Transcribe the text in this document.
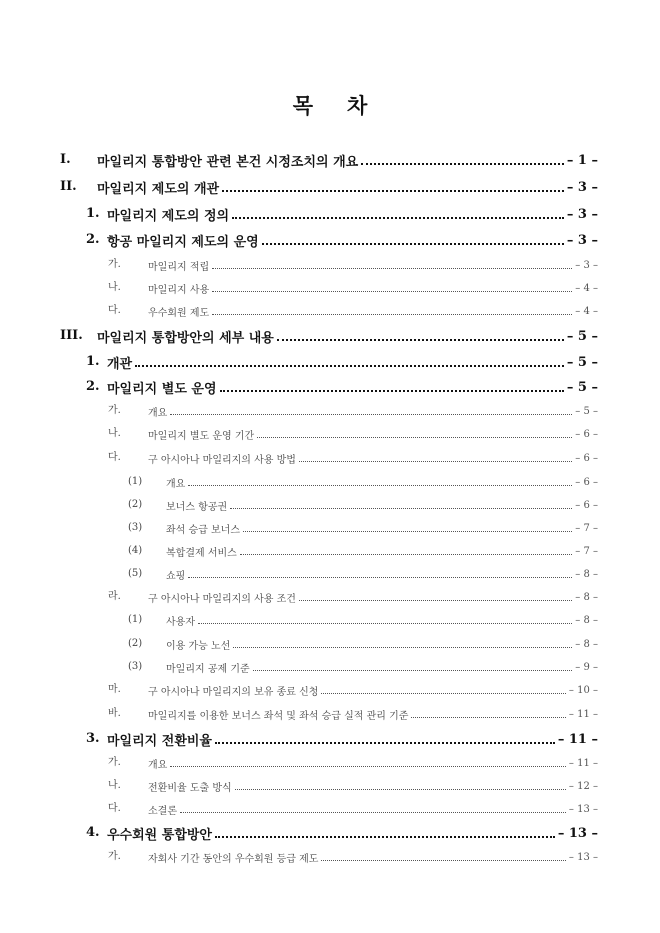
목 차
I. 마일리지 통합방안 관련 본건 시정조치의 개요	– 1 –
II. 마일리지 제도의 개관	– 3 –
1. 마일리지 제도의 정의	– 3 –
2. 항공 마일리지 제도의 운영	– 3 –
가.	마일리지 적립	– 3 –
나.	마일리지 사용	– 4 –
다.	우수회원 제도	– 4 –
III. 마일리지 통합방안의 세부 내용	– 5 –
1. 개관	– 5 –
2. 마일리지 별도 운영	– 5 –
가.	개요	– 5 –
나.	마일리지 별도 운영 기간	– 6 –
다.	구 아시아나 마일리지의 사용 방법	– 6 –
(1) 개요	– 6 –
(2) 보너스 항공권	– 6 –
(3) 좌석 승급 보너스	– 7 –
(4) 복합결제 서비스	– 7 –
(5) 쇼핑	– 8 –
라.	구 아시아나 마일리지의 사용 조건	– 8 –
(1) 사용자	– 8 –
(2) 이용 가능 노선	– 8 –
(3) 마일리지 공제 기준	– 9 –
마.	구 아시아나 마일리지의 보유 종료 신청	– 10 –
바.	마일리지를 이용한 보너스 좌석 및 좌석 승급 실적 관리 기준	– 11 –
3. 마일리지 전환비율	– 11 –
가.	개요	– 11 –
나.	전환비율 도출 방식	– 12 –
다.	소결론	– 13 –
4. 우수회원 통합방안	– 13 –
가.	자회사 기간 동안의 우수회원 등급 제도	– 13 –
